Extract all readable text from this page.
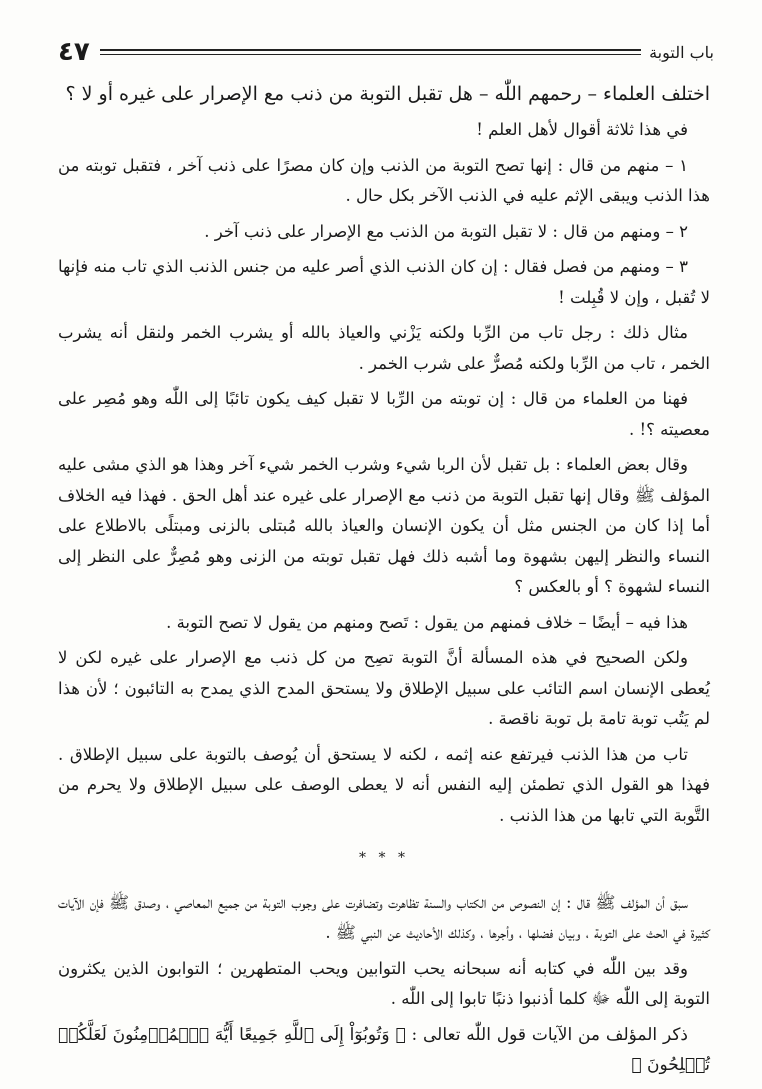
باب التوبة
٤٧

اختلف العلماء – رحمهم اللّٰه – هل تقبل التوبة من ذنب مع الإصرار على غيره أو لا ؟

في هذا ثلاثة أقوال لأهل العلم !

١ – منهم من قال : إنها تصح التوبة من الذنب وإن كان مصرًا على ذنب آخر ، فتقبل توبته من هذا الذنب ويبقى الإثم عليه في الذنب الآخر بكل حال .

٢ – ومنهم من قال : لا تقبل التوبة من الذنب مع الإصرار على ذنب آخر .

٣ – ومنهم من فصل فقال : إن كان الذنب الذي أصر عليه من جنس الذنب الذي تاب منه فإنها لا تُقبل ، وإن لا قُبِلت !

مثال ذلك : رجل تاب من الرِّبا ولكنه يَزْني والعياذ بالله أو يشرب الخمر ولنقل أنه يشرب الخمر ، تاب من الرِّبا ولكنه مُصرٌّ على شرب الخمر .

فهنا من العلماء من قال : إن توبته من الرِّبا لا تقبل كيف يكون تائبًا إلى اللّٰه وهو مُصِر على معصيته ؟! .

وقال بعض العلماء : بل تقبل لأن الربا شيء وشرب الخمر شيء آخر وهذا هو الذي مشى عليه المؤلف ﷺ وقال إنها تقبل التوبة من ذنب مع الإصرار على غيره عند أهل الحق . فهذا فيه الخلاف أما إذا كان من الجنس مثل أن يكون الإنسان والعياذ بالله مُبتلى بالزنى ومبتلًى بالاطلاع على النساء والنظر إليهن بشهوة وما أشبه ذلك فهل تقبل توبته من الزنى وهو مُصِرٌّ على النظر إلى النساء لشهوة ؟ أو بالعكس ؟

هذا فيه – أيضًا – خلاف فمنهم من يقول : تَصح ومنهم من يقول لا تصح التوبة .

ولكن الصحيح في هذه المسألة أنَّ التوبة تصِح من كل ذنب مع الإصرار على غيره لكن لا يُعطى الإنسان اسم التائب على سبيل الإطلاق ولا يستحق المدح الذي يمدح به التائبون ؛ لأن هذا لم يَتُب توبة تامة بل توبة ناقصة .

تاب من هذا الذنب فيرتفع عنه إثمه ، لكنه لا يستحق أن يُوصف بالتوبة على سبيل الإطلاق . فهذا هو القول الذي تطمئن إليه النفس أنه لا يعطى الوصف على سبيل الإطلاق ولا يحرم من التَّوبة التي تابها من هذا الذنب .

* * *

سبق أن المؤلف ﷺ قال : إن النصوص من الكتاب والسنة تظاهرت وتضافرت على وجوب التوبة من جميع المعاصي ، وصدق ﷺ فإن الآيات كثيرة في الحث على التوبة ، وبيان فضلها ، وأجرها ، وكذلك الأحاديث عن النبي ﷺ .

وقد بين اللّٰه في كتابه أنه سبحانه يحب التوابين ويحب المتطهرين ؛ التوابون الذين يكثرون التوبة إلى اللّٰه ﷻ كلما أذنبوا ذنبًا تابوا إلى اللّٰه .

ذكر المؤلف من الآيات قول اللّٰه تعالى : ﴿ وَتُوبُوٓاْ إِلَى ٱللَّهِ جَمِيعًا أَيُّهَ ٱلۡمُؤۡمِنُونَ لَعَلَّكُمۡ تُفۡلِحُونَ ﴾
